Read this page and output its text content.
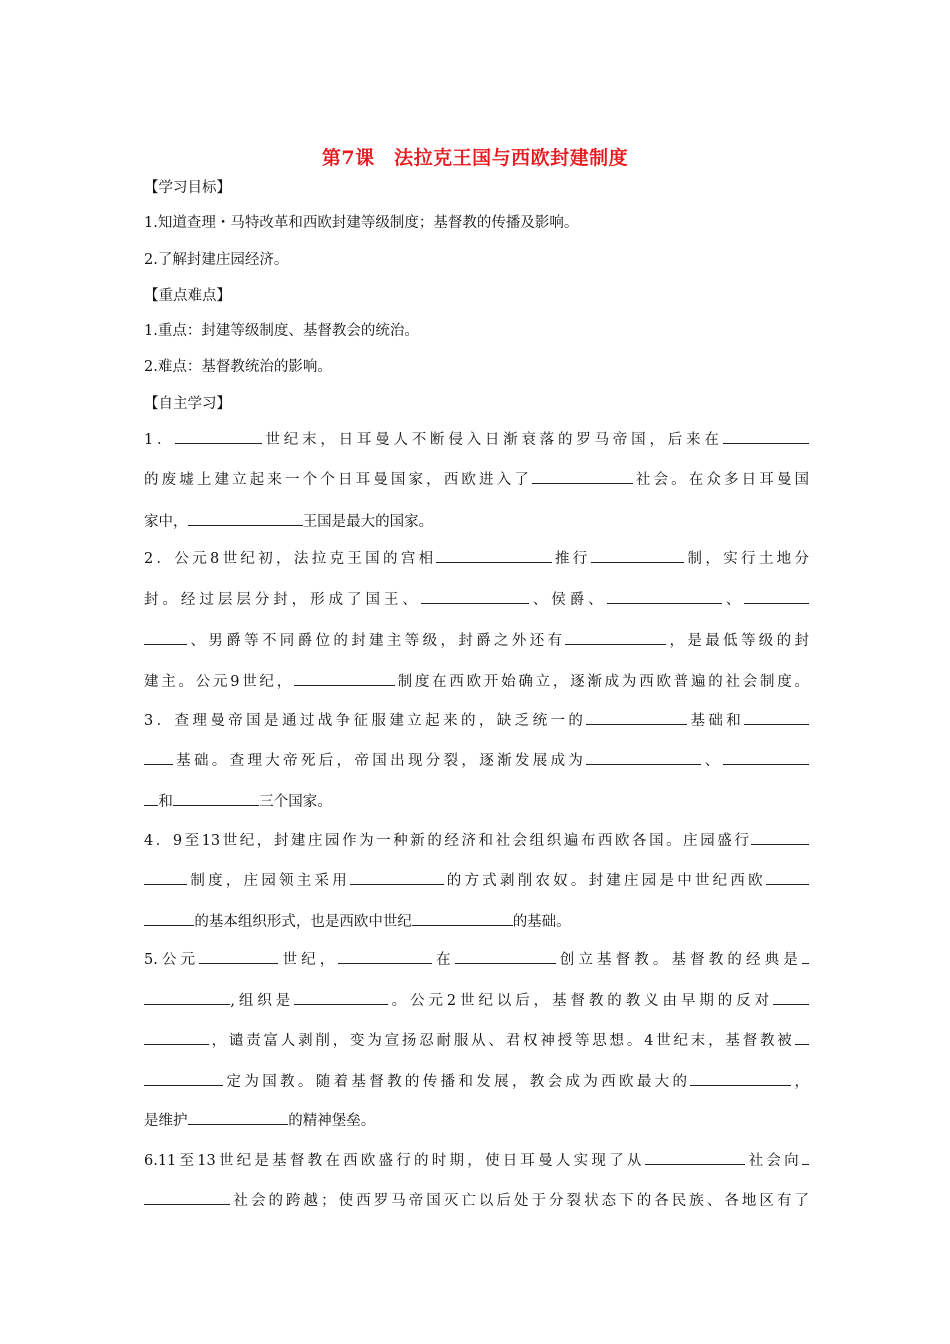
第7课　法拉克王国与西欧封建制度
【学习目标】
1.知道查理・马特改革和西欧封建等级制度；基督教的传播及影响。
2.了解封建庄园经济。
【重点难点】
1.重点：封建等级制度、基督教会的统治。
2.难点：基督教统治的影响。
【自主学习】
1．	世纪末，日耳曼人不断侵入日渐衰落的罗马帝国，后来在
的废墟上建立起来一个个日耳曼国家，西欧进入了	社会。在众多日耳曼国
家中，	王国是最大的国家。
2．公元8世纪初，法拉克王国的宫相	推行	制，实行土地分
封。经过层层分封，形成了国王、	、侯爵、	、
、男爵等不同爵位的封建主等级，封爵之外还有	，是最低等级的封
建主。公元9世纪，	制度在西欧开始确立，逐渐成为西欧普遍的社会制度。
3．查理曼帝国是通过战争征服建立起来的，缺乏统一的	基础和
基础。查理大帝死后，帝国出现分裂，逐渐发展成为	、
和	三个国家。
4．9至13世纪，封建庄园作为一种新的经济和社会组织遍布西欧各国。庄园盛行
制度，庄园领主采用	的方式剥削农奴。封建庄园是中世纪西欧
的基本组织形式，也是西欧中世纪	的基础。
5.公元	世纪，	在	创立基督教。基督教的经典是
,组织是	。公元2世纪以后，基督教的教义由早期的反对
，谴责富人剥削，变为宣扬忍耐服从、君权神授等思想。4世纪末，基督教被
定为国教。随着基督教的传播和发展，教会成为西欧最大的	，
是维护	的精神堡垒。
6.11至13世纪是基督教在西欧盛行的时期，使日耳曼人实现了从	社会向
社会的跨越；使西罗马帝国灭亡以后处于分裂状态下的各民族、各地区有了
